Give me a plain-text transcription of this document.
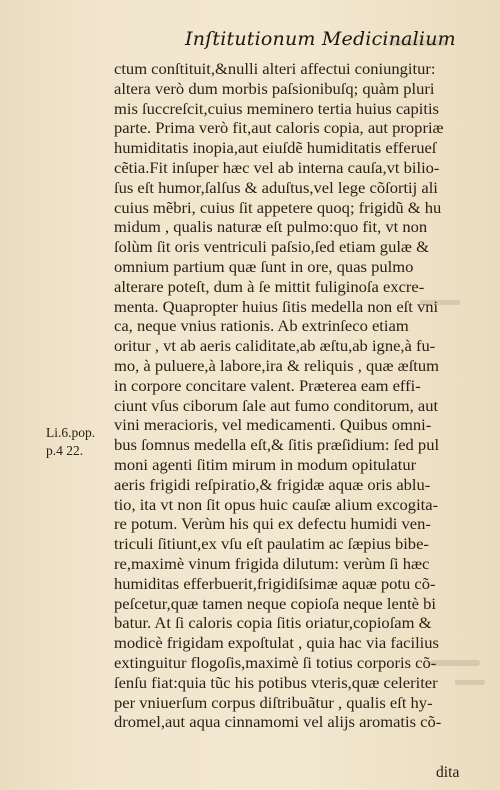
Inſtitutionum Medicinalium
ctum conſtituit,&nulli alteri affectui coniungitur:
altera verò dum morbis paſsionibuſq; quàm pluri
mis ſuccreſcit,cuius meminero tertia huius capitis
parte. Prima verò fit,aut caloris copia, aut propriæ
humiditatis inopia,aut eiuſdẽ humiditatis efferueſ
cẽtia.Fit inſuper hæc vel ab interna cauſa,vt bilio-
ſus eſt humor,ſalſus & aduſtus,vel lege cõſortij ali
cuius mẽbri, cuius ſit appetere quoq; frigidũ & hu
midum , qualis naturæ eſt pulmo:quo fit, vt non
ſolùm ſit oris ventriculi paſsio,ſed etiam gulæ &
omnium partium quæ ſunt in ore, quas pulmo
alterare poteſt, dum à ſe mittit fuliginoſa excre-
menta. Quapropter huius ſitis medella non eſt vni
ca, neque vnius rationis. Ab extrinſeco etiam
oritur , vt ab aeris caliditate,ab æſtu,ab igne,à fu-
mo, à puluere,à labore,ira & reliquis , quæ æſtum
in corpore concitare valent. Præterea eam effi-
ciunt vſus ciborum ſale aut fumo conditorum, aut
vini meracioris, vel medicamenti. Quibus omni-
bus ſomnus medella eſt,& ſitis præſidium: ſed pul
moni agenti ſitim mirum in modum opitulatur
aeris frigidi reſpiratio,& frigidæ aquæ oris ablu-
tio, ita vt non ſit opus huic cauſæ alium excogita-
re potum. Verùm his qui ex defectu humidi ven-
triculi ſitiunt,ex vſu eſt paulatim ac ſæpius bibe-
re,maximè vinum frigida dilutum: verùm ſi hæc
humiditas efferbuerit,frigidiſsimæ aquæ potu cõ-
peſcetur,quæ tamen neque copioſa neque lentè bi
batur. At ſi caloris copia ſitis oriatur,copioſam &
modicè frigidam expoſtulat , quia hac via facilius
extinguitur flogoſis,maximè ſi totius corporis cõ-
ſenſu fiat:quia tũc his potibus vteris,quæ celeriter
per vniuerſum corpus diſtribuãtur , qualis eſt hy-
dromel,aut aqua cinnamomi vel alijs aromatis cõ-
Li.6.pop.
p.4 22.
dita
